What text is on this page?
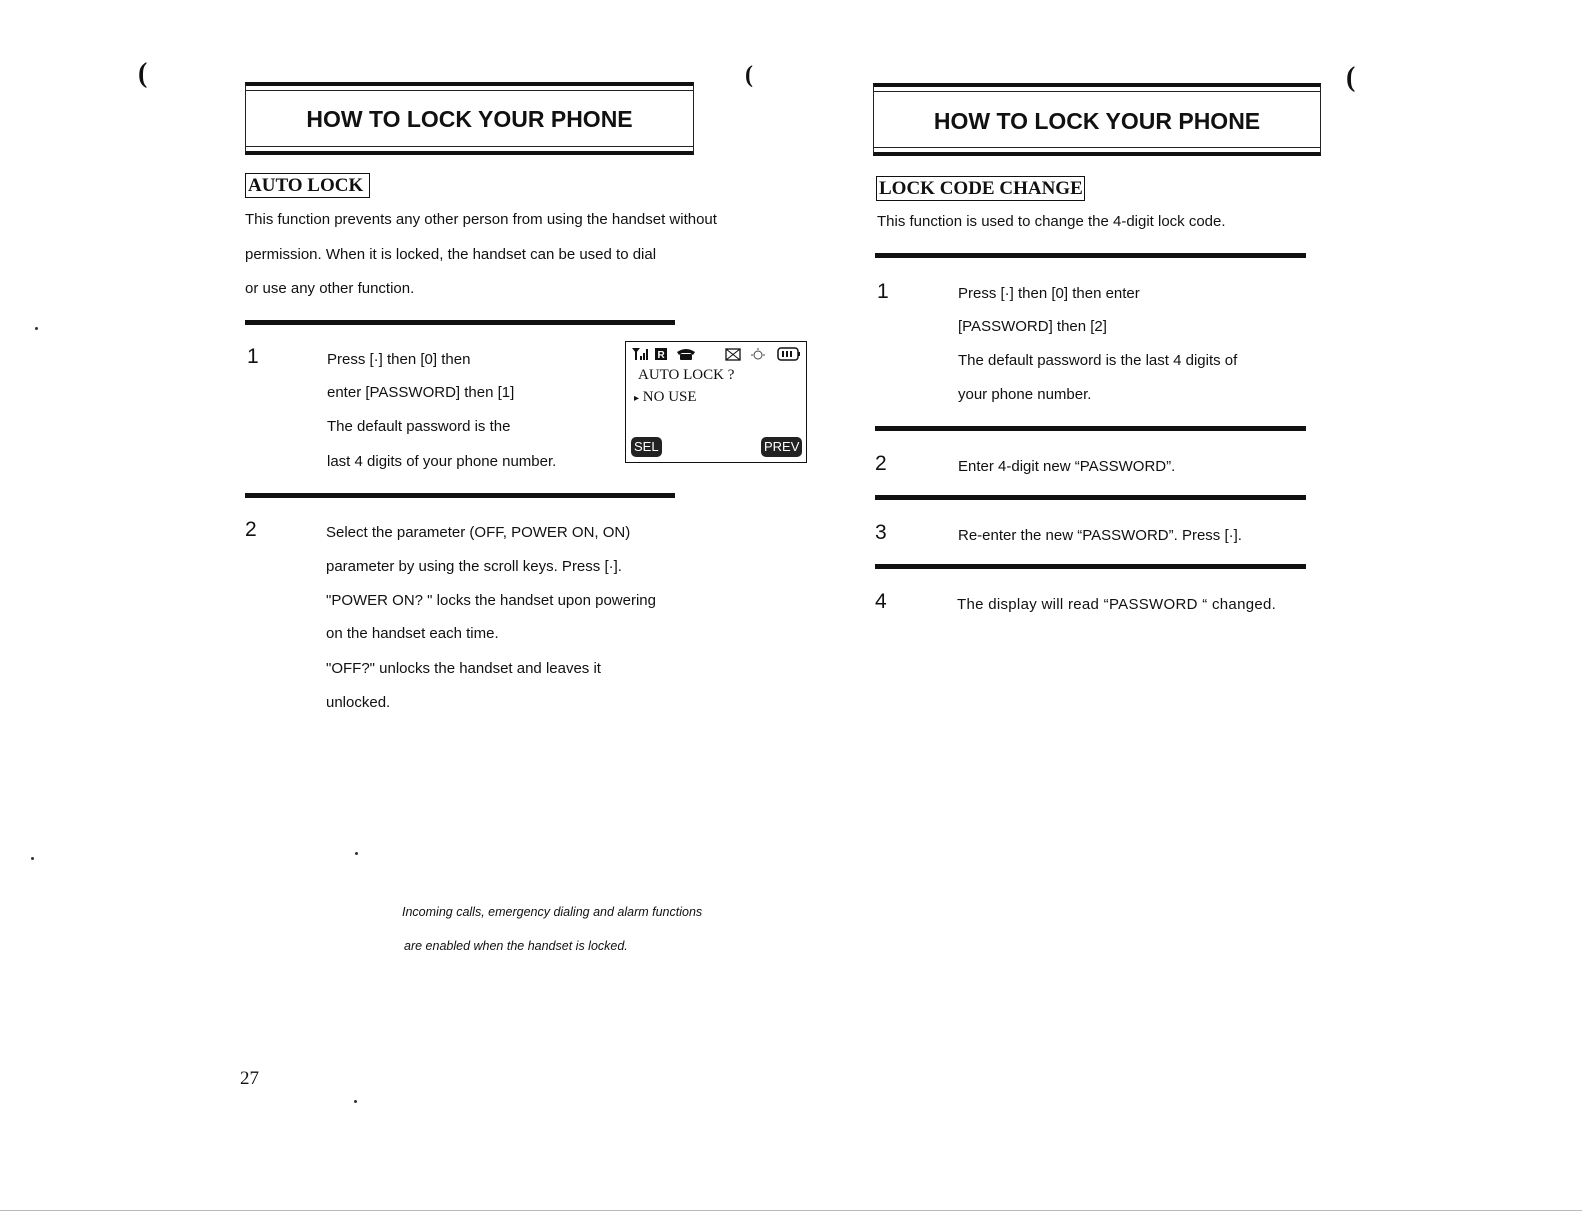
(	(	(
HOW TO LOCK YOUR PHONE
AUTO LOCK
This function prevents any other person from using the handset without
permission. When it is locked, the handset can be used to dial
or use any other function.
1	Press [·] then [0] then
enter [PASSWORD] then [1]
The default password is the
last 4 digits of your phone number.
R
AUTO LOCK ?
▸ NO USE
SEL	PREV
2	Select the parameter (OFF, POWER ON, ON)
parameter by using the scroll keys. Press [·].
"POWER ON? " locks the handset upon powering
on the handset each time.
"OFF?" unlocks the handset and leaves it
unlocked.
Incoming calls, emergency dialing and alarm functions
are enabled when the handset is locked.
27
HOW TO LOCK YOUR PHONE
LOCK CODE CHANGE
This function is used to change the 4-digit lock code.
1	Press [·] then [0] then enter
[PASSWORD] then [2]
The default password is the last 4 digits of
your phone number.
2	Enter 4-digit new “PASSWORD”.
3	Re-enter the new “PASSWORD”. Press [·].
4	The display will read “PASSWORD “ changed.
